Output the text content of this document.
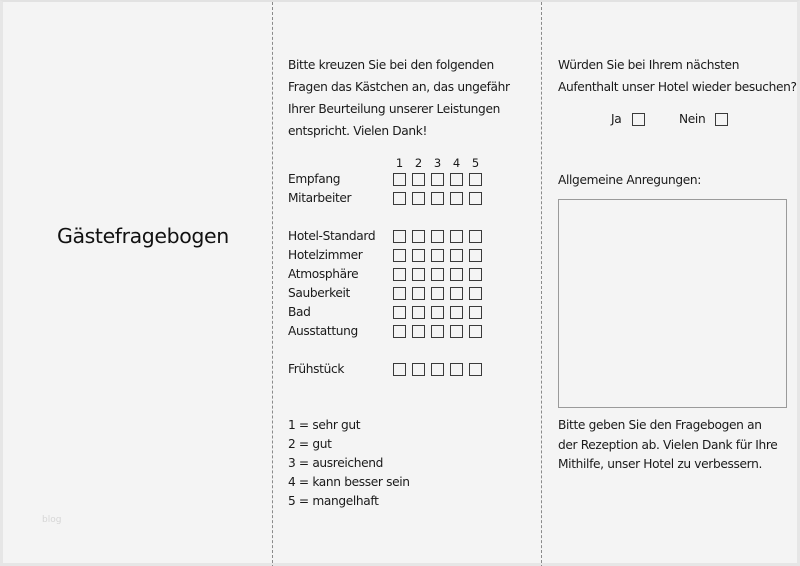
Gästefragebogen
blog
Bitte kreuzen Sie bei den folgenden
Fragen das Kästchen an, das ungefähr
Ihrer Beurteilung unserer Leistungen
entspricht. Vielen Dank!
1 2 3 4 5
Empfang
Mitarbeiter
Hotel-Standard
Hotelzimmer
Atmosphäre
Sauberkeit
Bad
Ausstattung
Frühstück
1 = sehr gut
2 = gut
3 = ausreichend
4 = kann besser sein
5 = mangelhaft
Würden Sie bei Ihrem nächsten
Aufenthalt unser Hotel wieder besuchen?
Ja	Nein
Allgemeine Anregungen:
Bitte geben Sie den Fragebogen an
der Rezeption ab. Vielen Dank für Ihre
Mithilfe, unser Hotel zu verbessern.
